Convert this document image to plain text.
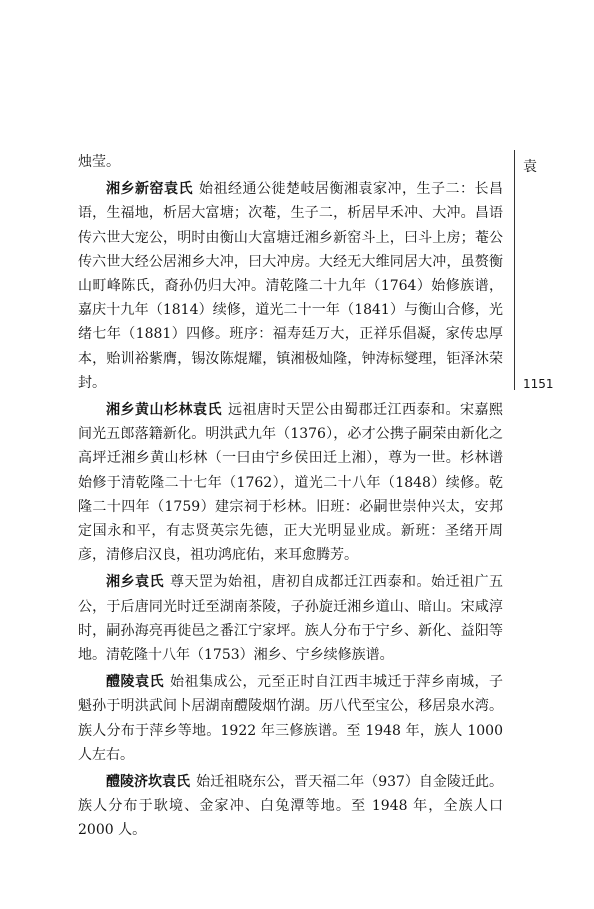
袁
1151

烛莹。

湘乡新窑袁氏 始祖经通公徙楚岐居衡湘袁家冲，生子二：长昌语，生福地，析居大富塘；次菴，生子二，析居早禾冲、大冲。昌语传六世大宠公，明时由衡山大富塘迁湘乡新窑斗上，曰斗上房；菴公传六世大经公居湘乡大冲，曰大冲房。大经无大维同居大冲，虽赘衡山町峰陈氏，裔孙仍归大冲。清乾隆二十九年（1764）始修族谱，嘉庆十九年（1814）续修，道光二十一年（1841）与衡山合修，光绪七年（1881）四修。班序：福寿廷万大，正祥乐倡凝，家传忠厚本，贻训裕紫膺，锡汝陈焜耀，镇湘极灿隆，钟涛标燮理，钜泽沐荣封。

湘乡黄山杉林袁氏 远祖唐时天罡公由蜀郡迁江西泰和。宋嘉熙间光五郎落籍新化。明洪武九年（1376），必才公携子嗣荣由新化之高坪迁湘乡黄山杉林（一曰由宁乡侯田迁上湘），尊为一世。杉林谱始修于清乾隆二十七年（1762），道光二十八年（1848）续修。乾隆二十四年（1759）建宗祠于杉林。旧班：必嗣世崇仲兴太，安邦定国永和平，有志贤英宗先德，正大光明显业成。新班：圣绪开周彦，清修启汉良，祖功鸿庇佑，来耳愈腾芳。

湘乡袁氏 尊天罡为始祖，唐初自成都迁江西泰和。始迁祖广五公，于后唐同光时迁至湖南茶陵，子孙旋迁湘乡道山、暗山。宋咸淳时，嗣孙海亮再徙邑之番江宁家坪。族人分布于宁乡、新化、益阳等地。清乾隆十八年（1753）湘乡、宁乡续修族谱。

醴陵袁氏 始祖集成公，元至正时自江西丰城迁于萍乡南城，子魁孙于明洪武间卜居湖南醴陵烟竹湖。历八代至宝公，移居泉水湾。族人分布于萍乡等地。1922 年三修族谱。至 1948 年，族人 1000 人左右。

醴陵济坎袁氏 始迁祖晓东公，晋天福二年（937）自金陵迁此。族人分布于耿境、金家冲、白兔潭等地。至 1948 年，全族人口 2000 人。
